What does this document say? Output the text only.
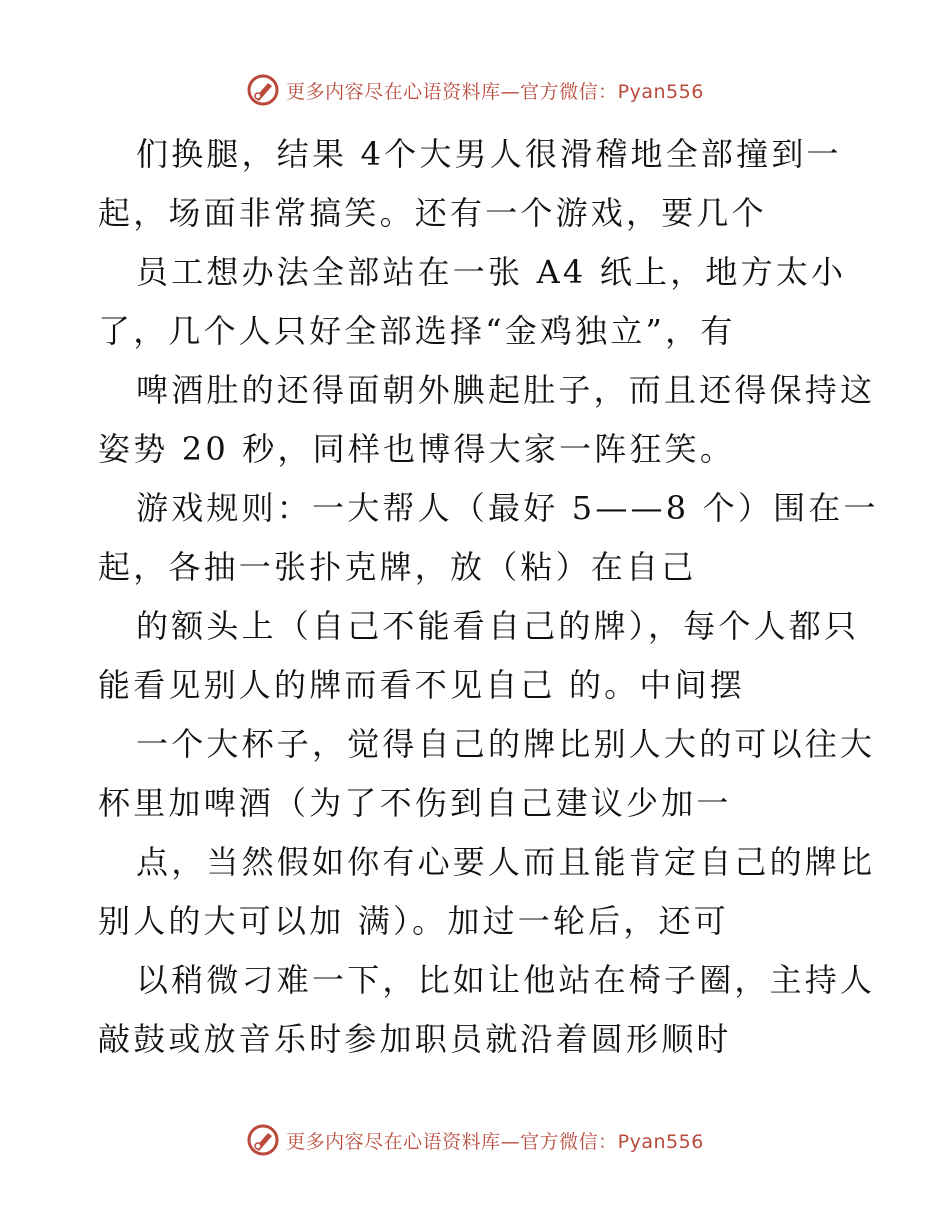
更多内容尽在心语资料库—官方微信：Pyan556
们换腿，结果 4个大男人很滑稽地全部撞到一
起，场面非常搞笑。还有一个游戏，要几个
员工想办法全部站在一张 A4 纸上，地方太小
了，几个人只好全部选择“金鸡独立”，有
啤酒肚的还得面朝外腆起肚子，而且还得保持这
姿势 20 秒，同样也博得大家一阵狂笑。
游戏规则：一大帮人（最好 5——8 个）围在一
起，各抽一张扑克牌，放（粘）在自己
的额头上（自己不能看自己的牌），每个人都只
能看见别人的牌而看不见自己 的。中间摆
一个大杯子，觉得自己的牌比别人大的可以往大
杯里加啤酒（为了不伤到自己建议少加一
点，当然假如你有心要人而且能肯定自己的牌比
别人的大可以加 满）。加过一轮后，还可
以稍微刁难一下，比如让他站在椅子圈，主持人
敲鼓或放音乐时参加职员就沿着圆形顺时
更多内容尽在心语资料库—官方微信：Pyan556
